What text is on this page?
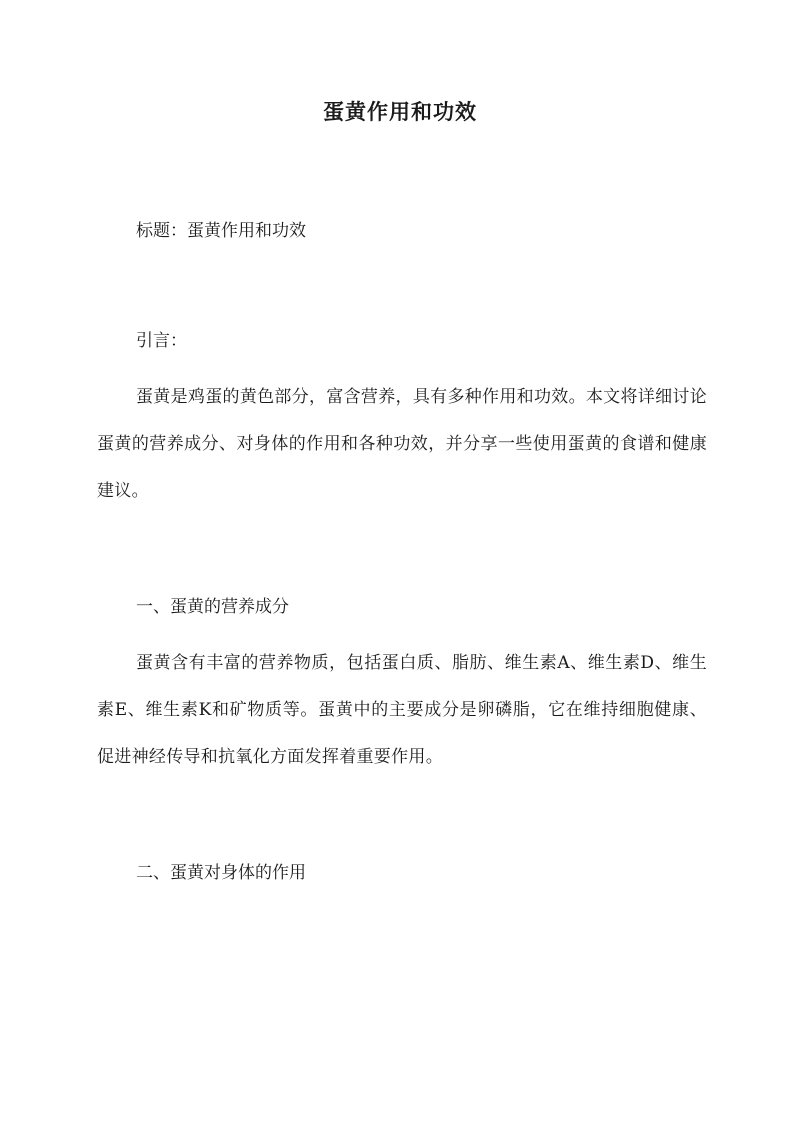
蛋黄作用和功效
标题：蛋黄作用和功效
引言：
蛋黄是鸡蛋的黄色部分，富含营养，具有多种作用和功效。本文将详细讨论蛋黄的营养成分、对身体的作用和各种功效，并分享一些使用蛋黄的食谱和健康建议。
一、蛋黄的营养成分
蛋黄含有丰富的营养物质，包括蛋白质、脂肪、维生素A、维生素D、维生素E、维生素K和矿物质等。蛋黄中的主要成分是卵磷脂，它在维持细胞健康、促进神经传导和抗氧化方面发挥着重要作用。
二、蛋黄对身体的作用
